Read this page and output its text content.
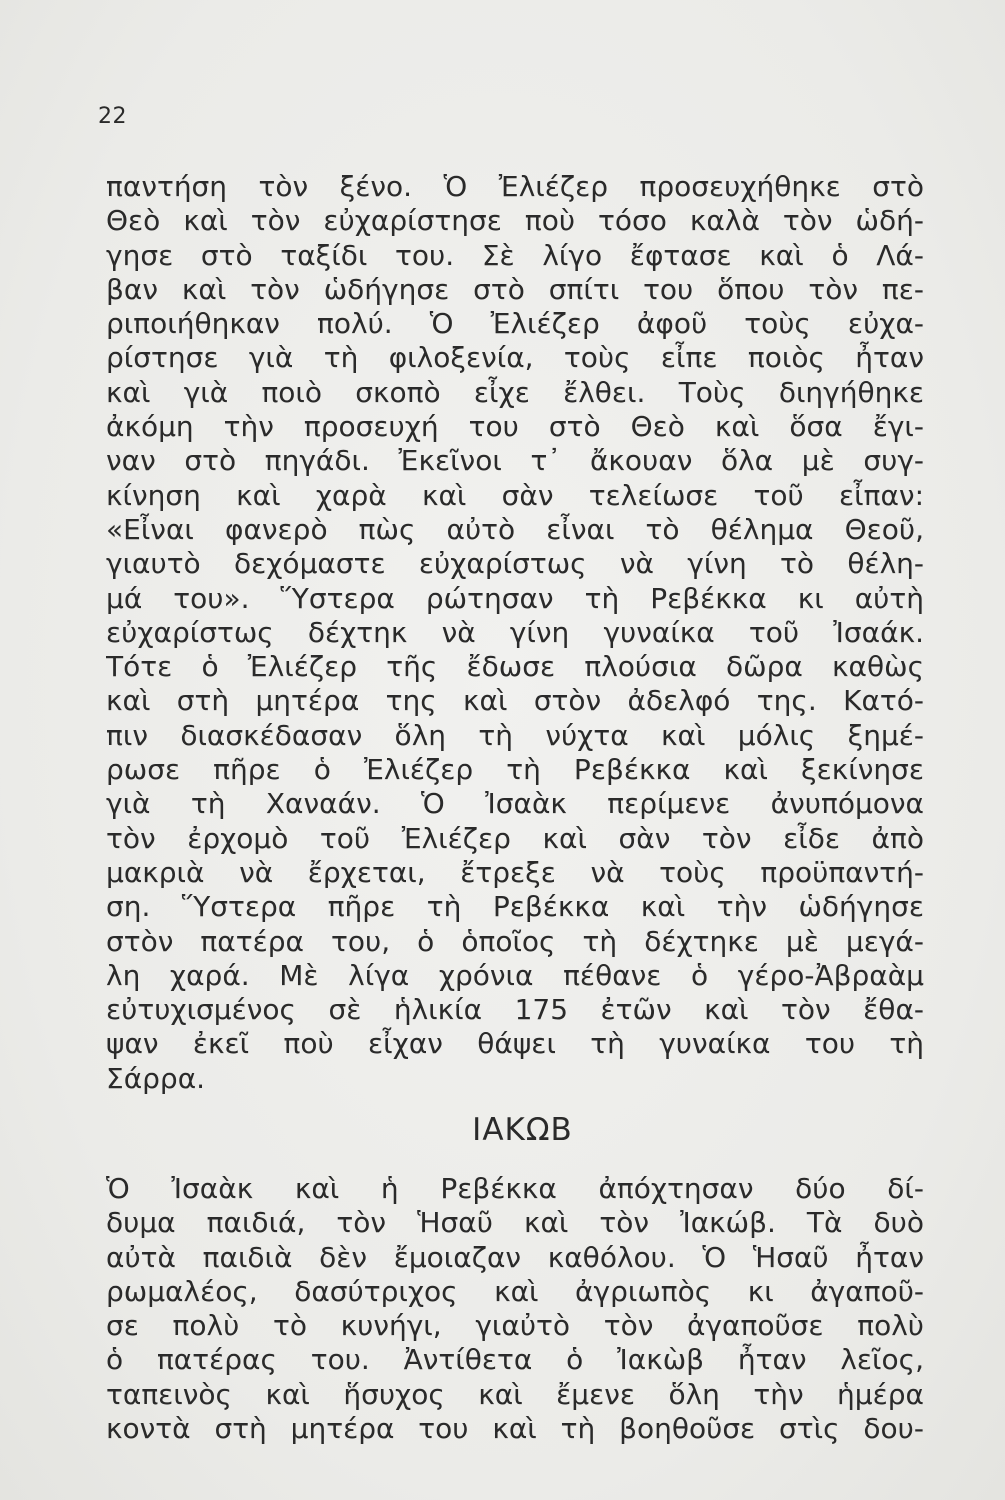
22
παντήση τὸν ξένο. Ὁ Ἐλιέζερ προσευχήθηκε στὸ
Θεὸ καὶ τὸν εὐχαρίστησε ποὺ τόσο καλὰ τὸν ὡδή-
γησε στὸ ταξίδι του. Σὲ λίγο ἔφτασε καὶ ὁ Λά-
βαν καὶ τὸν ὡδήγησε στὸ σπίτι του ὅπου τὸν πε-
ριποιήθηκαν πολύ. Ὁ Ἐλιέζερ ἀφοῦ τοὺς εὐχα-
ρίστησε γιὰ τὴ φιλοξενία, τοὺς εἶπε ποιὸς ἦταν
καὶ γιὰ ποιὸ σκοπὸ εἶχε ἔλθει. Τοὺς διηγήθηκε
ἀκόμη τὴν προσευχή του στὸ Θεὸ καὶ ὅσα ἔγι-
ναν στὸ πηγάδι. Ἐκεῖνοι τ᾽ ἄκουαν ὅλα μὲ συγ-
κίνηση καὶ χαρὰ καὶ σὰν τελείωσε τοῦ εἶπαν:
«Εἶναι φανερὸ πὼς αὐτὸ εἶναι τὸ θέλημα Θεοῦ,
γιαυτὸ δεχόμαστε εὐχαρίστως νὰ γίνη τὸ θέλη-
μά του». Ὕστερα ρώτησαν τὴ Ρεβέκκα κι αὐτὴ
εὐχαρίστως δέχτηκ νὰ γίνη γυναίκα τοῦ Ἰσαάκ.
Τότε ὁ Ἐλιέζερ τῆς ἔδωσε πλούσια δῶρα καθὼς
καὶ στὴ μητέρα της καὶ στὸν ἀδελφό της. Κατό-
πιν διασκέδασαν ὅλη τὴ νύχτα καὶ μόλις ξημέ-
ρωσε πῆρε ὁ Ἐλιέζερ τὴ Ρεβέκκα καὶ ξεκίνησε
γιὰ τὴ Χαναάν. Ὁ Ἰσαὰκ περίμενε ἀνυπόμονα
τὸν ἐρχομὸ τοῦ Ἐλιέζερ καὶ σὰν τὸν εἶδε ἀπὸ
μακριὰ νὰ ἔρχεται, ἔτρεξε νὰ τοὺς προϋπαντή-
ση. Ὕστερα πῆρε τὴ Ρεβέκκα καὶ τὴν ὡδήγησε
στὸν πατέρα του, ὁ ὁποῖος τὴ δέχτηκε μὲ μεγά-
λη χαρά. Μὲ λίγα χρόνια πέθανε ὁ γέρο-Ἀβραὰμ
εὐτυχισμένος σὲ ἡλικία 175 ἐτῶν καὶ τὸν ἔθα-
ψαν ἐκεῖ ποὺ εἶχαν θάψει τὴ γυναίκα του τὴ
Σάρρα.
ΙΑΚΩΒ
Ὁ Ἰσαὰκ καὶ ἡ Ρεβέκκα ἀπόχτησαν δύο δί-
δυμα παιδιά, τὸν Ἡσαῦ καὶ τὸν Ἰακώβ. Τὰ δυὸ
αὐτὰ παιδιὰ δὲν ἔμοιαζαν καθόλου. Ὁ Ἡσαῦ ἦταν
ρωμαλέος, δασύτριχος καὶ ἀγριωπὸς κι ἀγαποῦ-
σε πολὺ τὸ κυνήγι, γιαὐτὸ τὸν ἀγαποῦσε πολὺ
ὁ πατέρας του. Ἀντίθετα ὁ Ἰακὼβ ἦταν λεῖος,
ταπεινὸς καὶ ἥσυχος καὶ ἔμενε ὅλη τὴν ἡμέρα
κοντὰ στὴ μητέρα του καὶ τὴ βοηθοῦσε στὶς δου-
